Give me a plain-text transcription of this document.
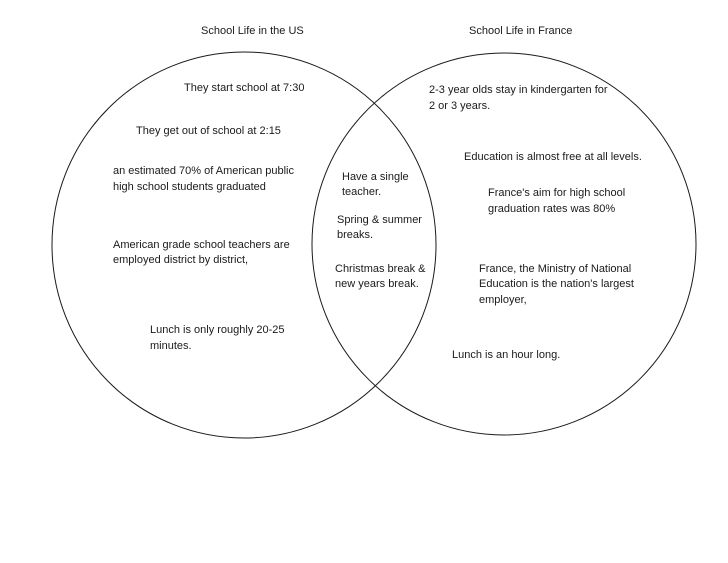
School Life in the US	School Life in France

They start school at 7:30

They get out of school at 2:15

an estimated 70% of American public

high school students graduated

American grade school teachers are

employed district by district,

Lunch is only roughly 20-25

minutes.

Have a single

teacher.

Spring & summer

breaks.

Christmas break &

new years break.

2-3 year olds stay in kindergarten for

2 or 3 years.

Education is almost free at all levels.

France's aim for high school

graduation rates was 80%

France, the Ministry of National

Education is the nation's largest

employer,

Lunch is an hour long.
